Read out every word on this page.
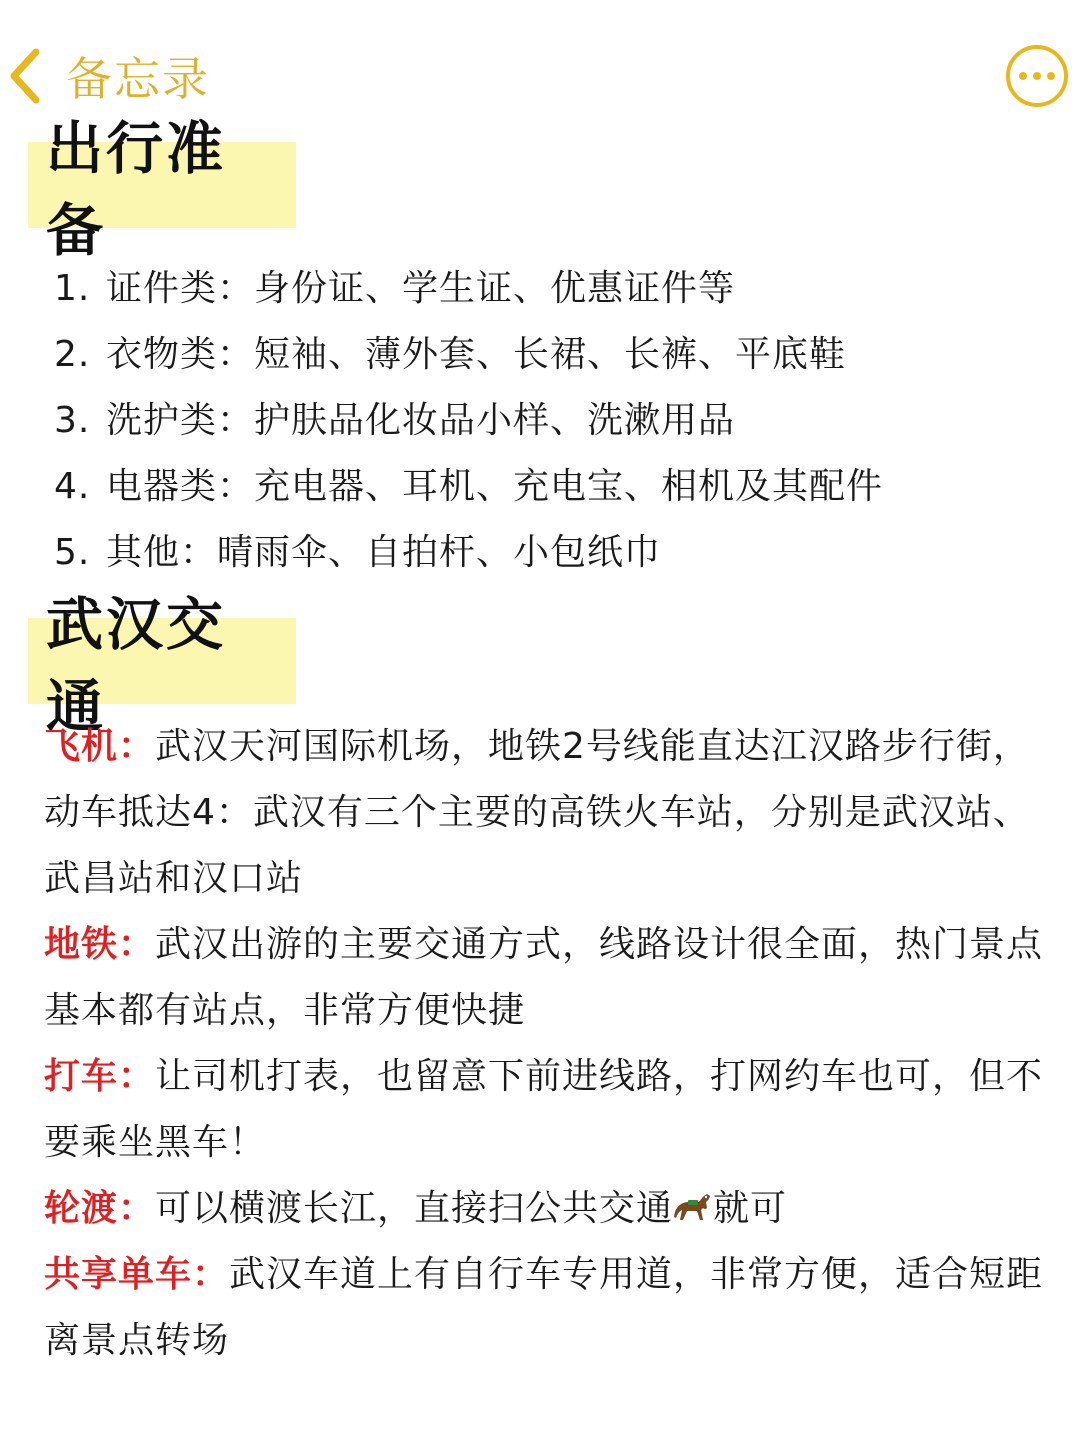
备忘录
出行准备
1. 证件类：身份证、学生证、优惠证件等
2. 衣物类：短袖、薄外套、长裙、长裤、平底鞋
3. 洗护类：护肤品化妆品小样、洗漱用品
4. 电器类：充电器、耳机、充电宝、相机及其配件
5. 其他：晴雨伞、自拍杆、小包纸巾
武汉交通

飞机：武汉天河国际机场，地铁2号线能直达江汉路步行街，

动车抵达4：武汉有三个主要的高铁火车站，分别是武汉站、武昌站和汉口站

地铁：武汉出游的主要交通方式，线路设计很全面，热门景点基本都有站点，非常方便快捷

打车：让司机打表，也留意下前进线路，打网约车也可，但不要乘坐黑车！

轮渡：可以横渡长江，直接扫公共交通 就可

共享单车：武汉车道上有自行车专用道，非常方便，适合短距离景点转场
